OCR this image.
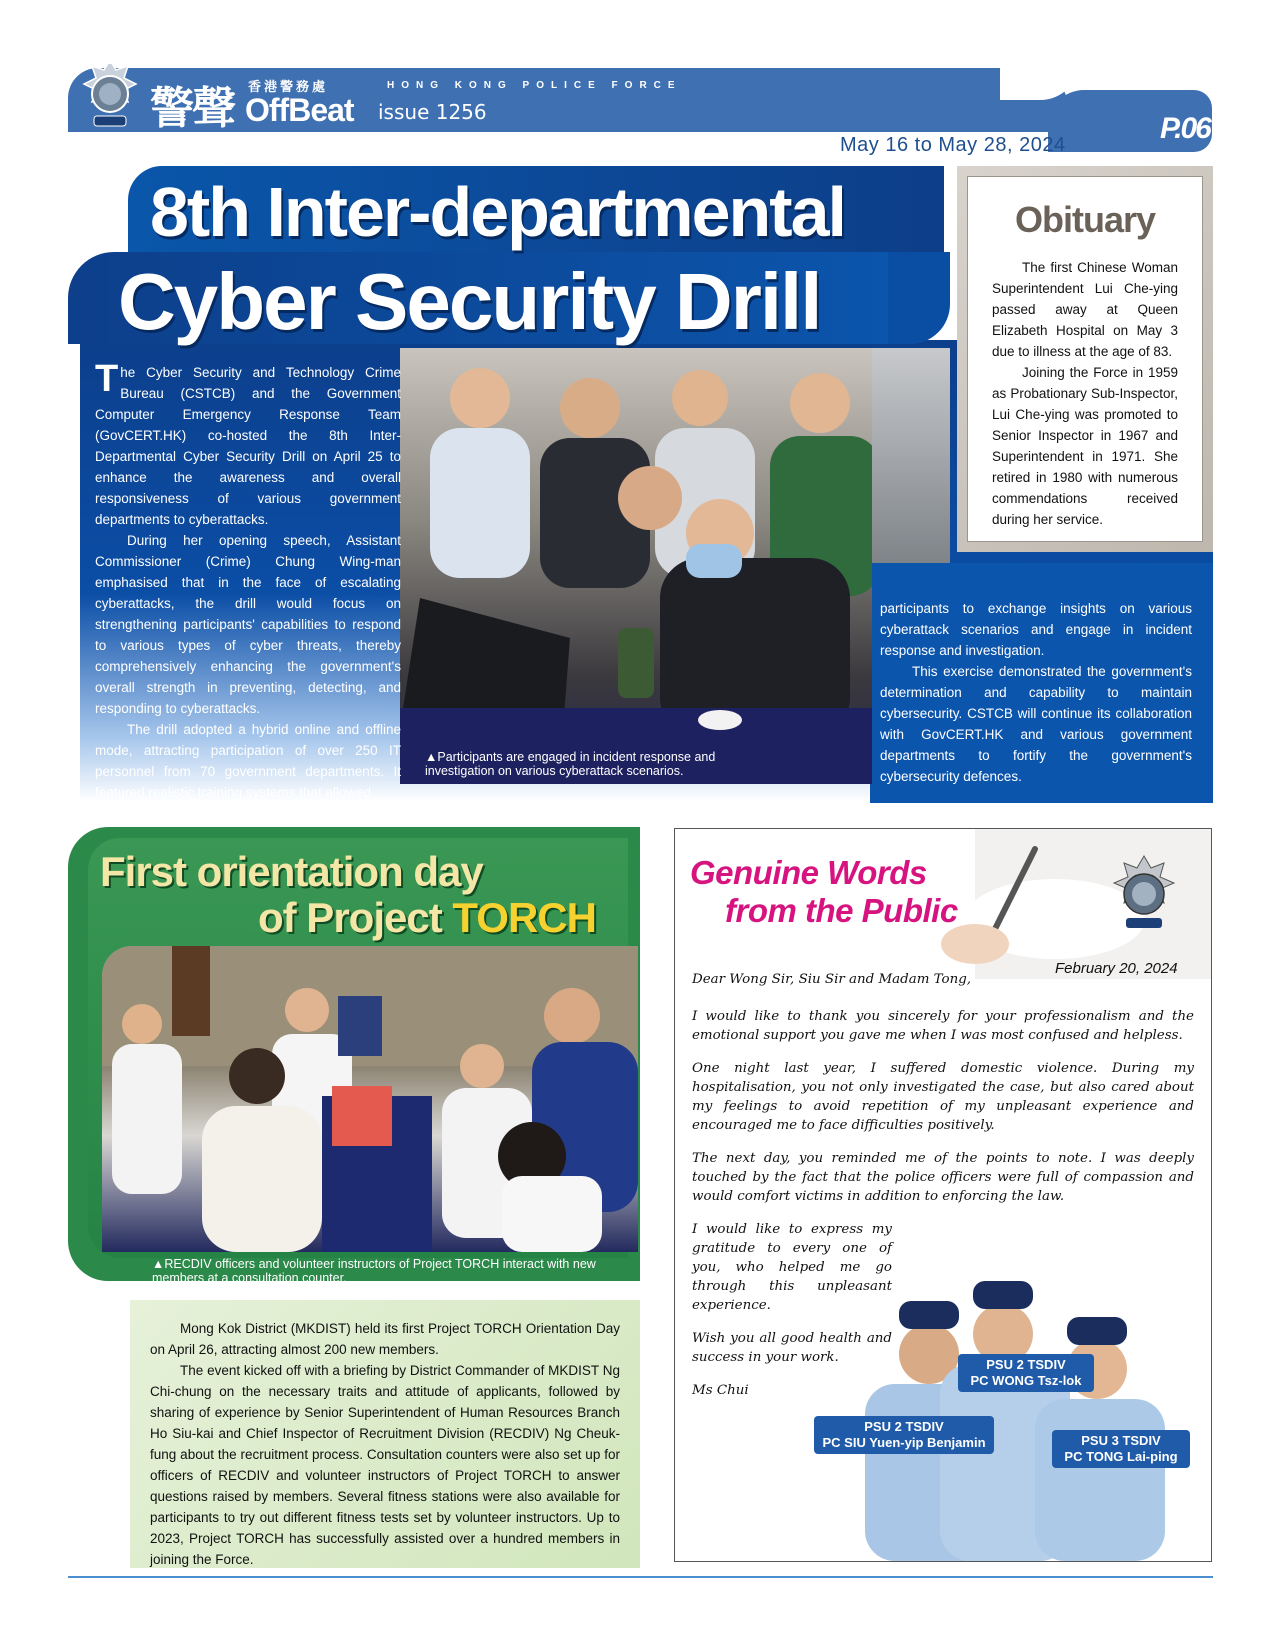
警聲 香港警務處
OffBeat issue 1256
HONG KONG POLICE FORCE
P.06
May 16 to May 28, 2024
8th Inter-departmental
Cyber Security Drill

The Cyber Security and Technology Crime Bureau (CSTCB) and the Government Computer Emergency Response Team (GovCERT.HK) co-hosted the 8th Inter-Departmental Cyber Security Drill on April 25 to enhance the awareness and overall responsiveness of various government departments to cyberattacks.

During her opening speech, Assistant Commissioner (Crime) Chung Wing-man emphasised that in the face of escalating cyberattacks, the drill would focus on strengthening participants' capabilities to respond to various types of cyber threats, thereby comprehensively enhancing the government's overall strength in preventing, detecting, and responding to cyberattacks.

The drill adopted a hybrid online and offline mode, attracting participation of over 250 IT personnel from 70 government departments. It featured realistic training systems that allowed

participants to exchange insights on various cyberattack scenarios and engage in incident response and investigation.

This exercise demonstrated the government's determination and capability to maintain cybersecurity. CSTCB will continue its collaboration with GovCERT.HK and various government departments to fortify the government's cybersecurity defences.

▲Participants are engaged in incident response and investigation on various cyberattack scenarios.
Obituary

The first Chinese Woman Superintendent Lui Che-ying passed away at Queen Elizabeth Hospital on May 3 due to illness at the age of 83.

Joining the Force in 1959 as Probationary Sub-Inspector, Lui Che-ying was promoted to Senior Inspector in 1967 and Superintendent in 1971. She retired in 1980 with numerous commendations received during her service.

First orientation day
of Project TORCH
▲RECDIV officers and volunteer instructors of Project TORCH interact with new members at a consultation counter.

Mong Kok District (MKDIST) held its first Project TORCH Orientation Day on April 26, attracting almost 200 new members.

The event kicked off with a briefing by District Commander of MKDIST Ng Chi-chung on the necessary traits and attitude of applicants, followed by sharing of experience by Senior Superintendent of Human Resources Branch Ho Siu-kai and Chief Inspector of Recruitment Division (RECDIV) Ng Cheuk-fung about the recruitment process. Consultation counters were also set up for officers of RECDIV and volunteer instructors of Project TORCH to answer questions raised by members. Several fitness stations were also available for participants to try out different fitness tests set by volunteer instructors. Up to 2023, Project TORCH has successfully assisted over a hundred members in joining the Force.

Genuine Words
from the Public
February 20, 2024

Dear Wong Sir, Siu Sir and Madam Tong,

I would like to thank you sincerely for your professionalism and the emotional support you gave me when I was most confused and helpless.

One night last year, I suffered domestic violence. During my hospitalisation, you not only investigated the case, but also cared about my feelings to avoid repetition of my unpleasant experience and encouraged me to face difficulties positively.

The next day, you reminded me of the points to note. I was deeply touched by the fact that the police officers were full of compassion and would comfort victims in addition to enforcing the law.

I would like to express my gratitude to every one of you, who helped me go through this unpleasant experience.

Wish you all good health and success in your work.

Ms Chui

PSU 2 TSDIV
PC WONG Tsz-lok
PSU 2 TSDIV
PC SIU Yuen-yip Benjamin	PSU 3 TSDIV
PC TONG Lai-ping
